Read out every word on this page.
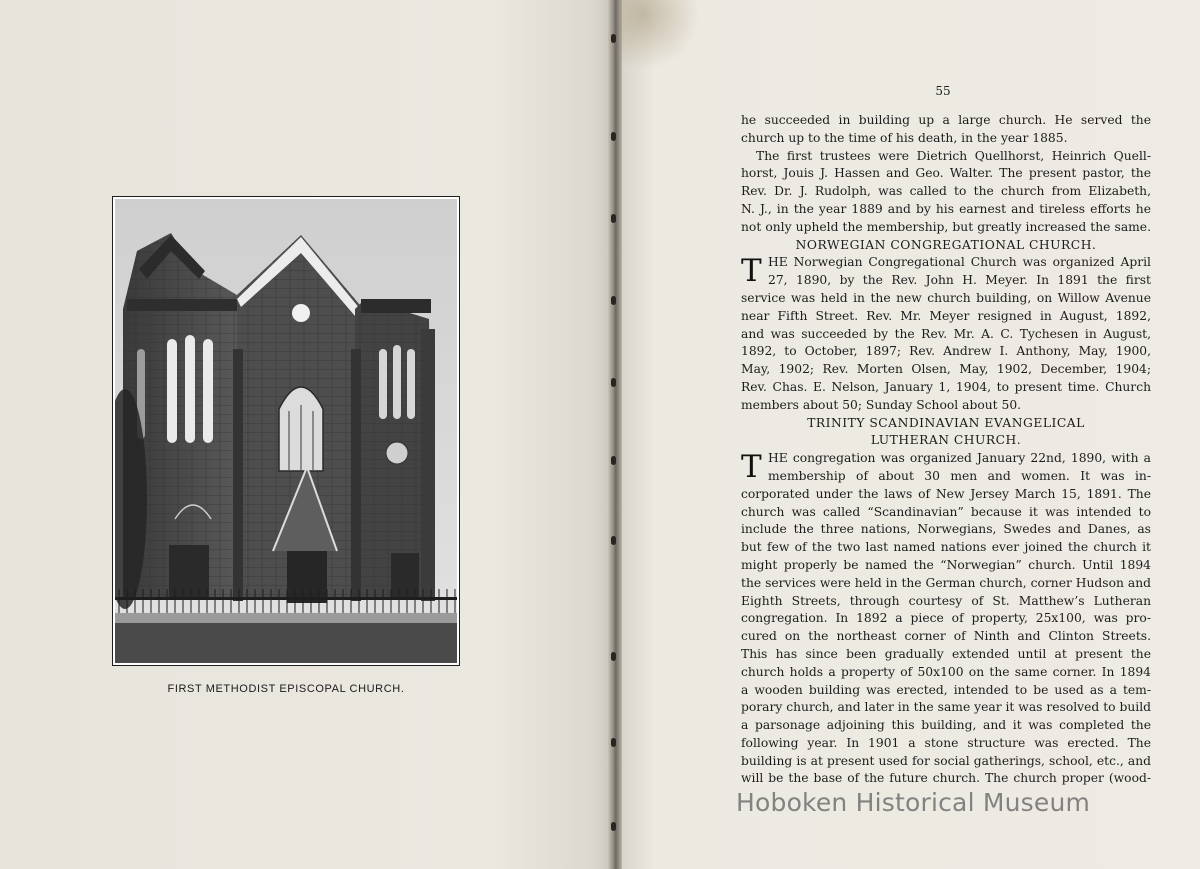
FIRST METHODIST EPISCOPAL CHURCH.
55
he succeeded in building up a large church. He served the
church up to the time of his death, in the year 1885.
The first trustees were Dietrich Quellhorst, Heinrich Quell-
horst, Jouis J. Hassen and Geo. Walter. The present pastor, the
Rev. Dr. J. Rudolph, was called to the church from Elizabeth,
N. J., in the year 1889 and by his earnest and tireless efforts he
not only upheld the membership, but greatly increased the same.
NORWEGIAN CONGREGATIONAL CHURCH.
T HE Norwegian Congregational Church was organized April
27, 1890, by the Rev. John H. Meyer. In 1891 the first
service was held in the new church building, on Willow Avenue
near Fifth Street. Rev. Mr. Meyer resigned in August, 1892,
and was succeeded by the Rev. Mr. A. C. Tychesen in August,
1892, to October, 1897; Rev. Andrew I. Anthony, May, 1900,
May, 1902; Rev. Morten Olsen, May, 1902, December, 1904;
Rev. Chas. E. Nelson, January 1, 1904, to present time. Church
members about 50; Sunday School about 50.
TRINITY SCANDINAVIAN EVANGELICAL
LUTHERAN CHURCH.
T HE congregation was organized January 22nd, 1890, with a
membership of about 30 men and women. It was in-
corporated under the laws of New Jersey March 15, 1891. The
church was called “Scandinavian” because it was intended to
include the three nations, Norwegians, Swedes and Danes, as
but few of the two last named nations ever joined the church it
might properly be named the “Norwegian” church. Until 1894
the services were held in the German church, corner Hudson and
Eighth Streets, through courtesy of St. Matthew’s Lutheran
congregation. In 1892 a piece of property, 25x100, was pro-
cured on the northeast corner of Ninth and Clinton Streets.
This has since been gradually extended until at present the
church holds a property of 50x100 on the same corner. In 1894
a wooden building was erected, intended to be used as a tem-
porary church, and later in the same year it was resolved to build
a parsonage adjoining this building, and it was completed the
following year. In 1901 a stone structure was erected. The
building is at present used for social gatherings, school, etc., and
will be the base of the future church. The church proper (wood-
Hoboken Historical Museum
